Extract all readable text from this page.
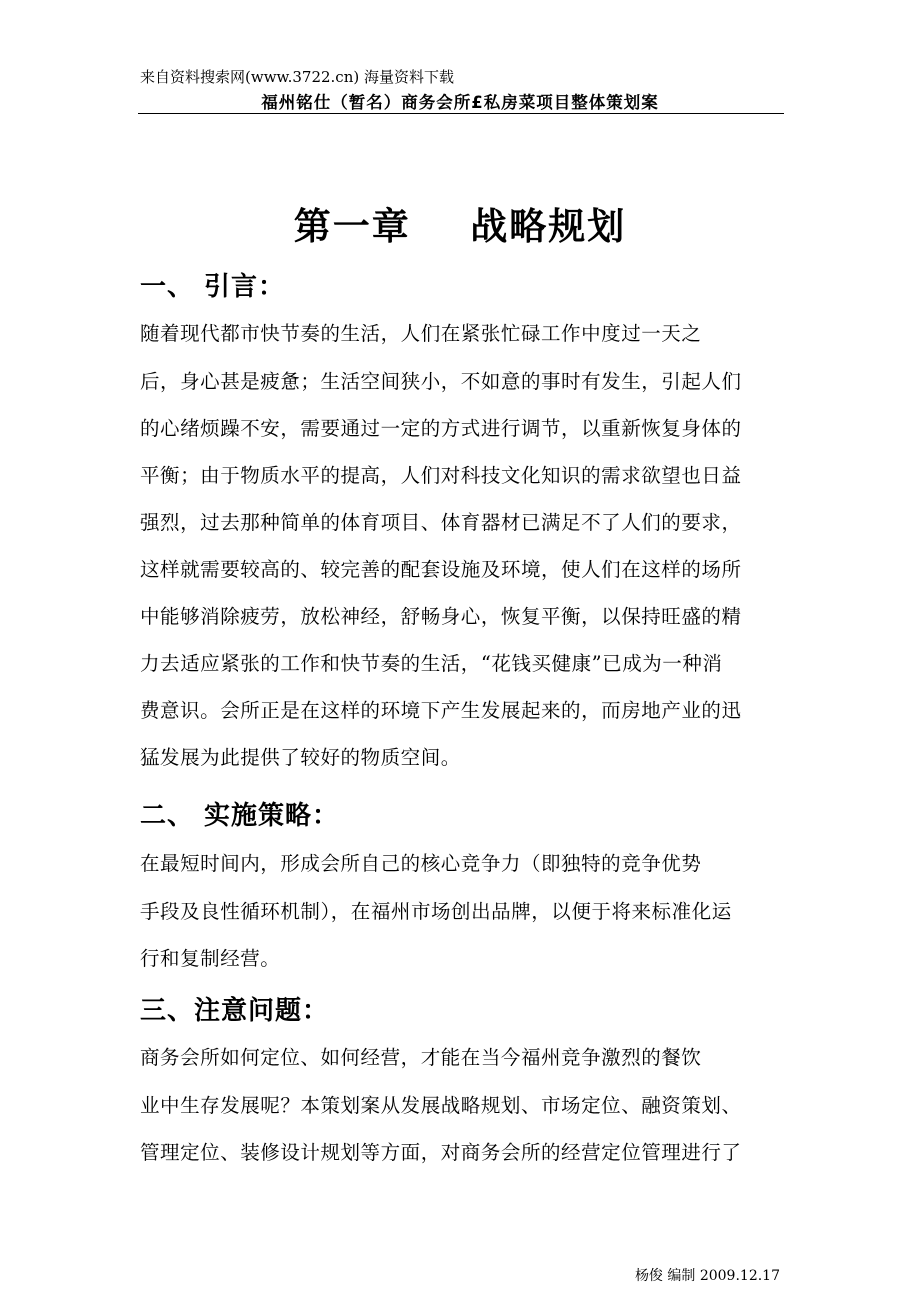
来自资料搜索网(www.3722.cn) 海量资料下载
福州铭仕（暂名）商务会所£私房菜项目整体策划案
第一章    战略规划
一、 引言：
随着现代都市快节奏的生活，人们在紧张忙碌工作中度过一天之
后，身心甚是疲惫；生活空间狭小，不如意的事时有发生，引起人们
的心绪烦躁不安，需要通过一定的方式进行调节，以重新恢复身体的
平衡；由于物质水平的提高，人们对科技文化知识的需求欲望也日益
强烈，过去那种简单的体育项目、体育器材已满足不了人们的要求，
这样就需要较高的、较完善的配套设施及环境，使人们在这样的场所
中能够消除疲劳，放松神经，舒畅身心，恢复平衡，以保持旺盛的精
力去适应紧张的工作和快节奏的生活，“花钱买健康”已成为一种消
费意识。会所正是在这样的环境下产生发展起来的，而房地产业的迅
猛发展为此提供了较好的物质空间。
二、 实施策略：
在最短时间内，形成会所自己的核心竞争力（即独特的竞争优势
手段及良性循环机制），在福州市场创出品牌，以便于将来标准化运
行和复制经营。
三、注意问题：
商务会所如何定位、如何经营，才能在当今福州竞争激烈的餐饮
业中生存发展呢？本策划案从发展战略规划、市场定位、融资策划、
管理定位、装修设计规划等方面，对商务会所的经营定位管理进行了
杨俊 编制 2009.12.17
